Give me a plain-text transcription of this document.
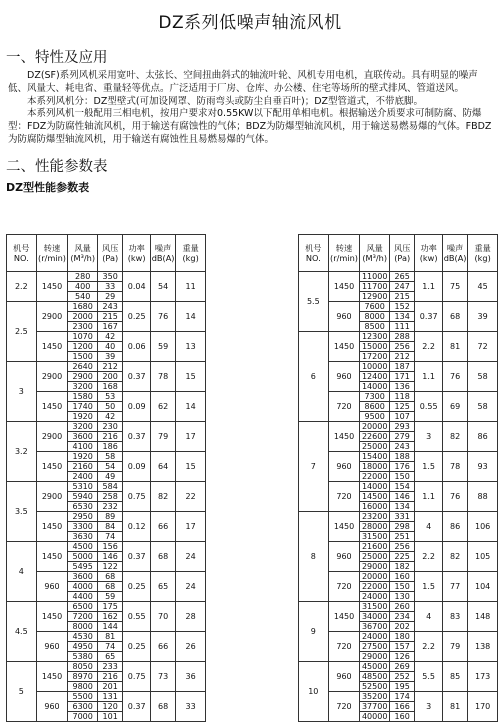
DZ系列低噪声轴流风机
一、特性及应用

DZ(SF)系列风机采用宽叶、太弦长、空间扭曲斜式的轴流叶轮、风机专用电机，直联传动。具有明显的噪声低、风量大、耗电省、重量轻等优点。广泛适用于厂房、仓库、办公楼、住宅等场所的壁式排风、管道送风。

本系列风机分：DZ型壁式(可加设网罩、防雨弯头或防尘自垂百叶)；DZ型管道式，不带底脚。

本系列风机一般配用三相电机，按用户要求对0.55KW以下配用单相电机。根据输送介质要求可制防腐、防爆型：FDZ为防腐性轴流风机，用于输送有腐蚀性的气体；BDZ为防爆型轴流风机，用于输送易燃易爆的气体。FBDZ为防腐防爆型轴流风机，用于输送有腐蚀性且易燃易爆的气体。

二、性能参数表
DZ型性能参数表
机号 NO.	转速 (r/min)	风量 (M³/h)	风压 (Pa)	功率 (kw)	噪声 dB(A)	重量 (kg)
2.2	1450	280	350	0.04	54	11
		400	33			
		540	29			
2.5	2900	1680	243	0.25	76	14
		2000	215			
		2300	167			
	1450	1070	42	0.06	59	13
		1200	40			
		1500	39			
3	2900	2640	212	0.37	78	15
		2900	200			
		3200	168			
	1450	1580	53	0.09	62	14
		1740	50			
		1920	42			
3.2	2900	3200	230	0.37	79	17
		3600	216			
		4100	186			
	1450	1920	58	0.09	64	15
		2160	54			
		2400	49			
3.5	2900	5310	584	0.75	82	22
		5940	258			
		6530	232			
	1450	2950	89	0.12	66	17
		3300	84			
		3630	74			
4	1450	4500	156	0.37	68	24
		5000	146			
		5495	122			
	960	3600	68	0.25	65	24
		4000	68			
		4400	59			
4.5	1450	6500	175	0.55	70	28
		7200	162			
		8000	144			
	960	4530	81	0.25	66	26
		4950	74			
		5380	65			
5	1450	8050	233	0.75	73	36
		8970	216			
		9800	201			
	960	5500	131	0.37	68	33
		6300	120			
		7000	101			
机号 NO.	转速 (r/min)	风量 (M³/h)	风压 (Pa)	功率 (kw)	噪声 dB(A)	重量 (kg)
5.5	1450	11000	265	1.1	75	45
		11700	247			
		12900	215			
	960	7600	152	0.37	68	39
		8000	134			
		8500	111			
6	1450	12300	288	2.2	81	72
		15000	256			
		17200	212			
	960	10000	187	1.1	76	58
		12400	171			
		14000	136			
	720	7300	118	0.55	69	58
		8600	125			
		9500	107			
7	1450	20000	293	3	82	86
		22600	279			
		25000	243			
	960	15400	188	1.5	78	93
		18000	176			
		22000	150			
	720	14000	154	1.1	76	88
		14500	146			
		16000	134			
8	1450	23200	331	4	86	106
		28000	298			
		31500	251			
	960	21600	256	2.2	82	105
		25000	225			
		29000	182			
	720	20000	160	1.5	77	104
		22000	150			
		24000	130			
9	1450	31500	260	4	83	148
		34000	234			
		36700	202			
	720	24000	180	2.2	79	138
		27500	157			
		29000	126			
10	960	45000	269	5.5	85	173
		48500	252			
		52500	195			
	720	35200	174	3	81	170
		37700	166			
		40000	160			
